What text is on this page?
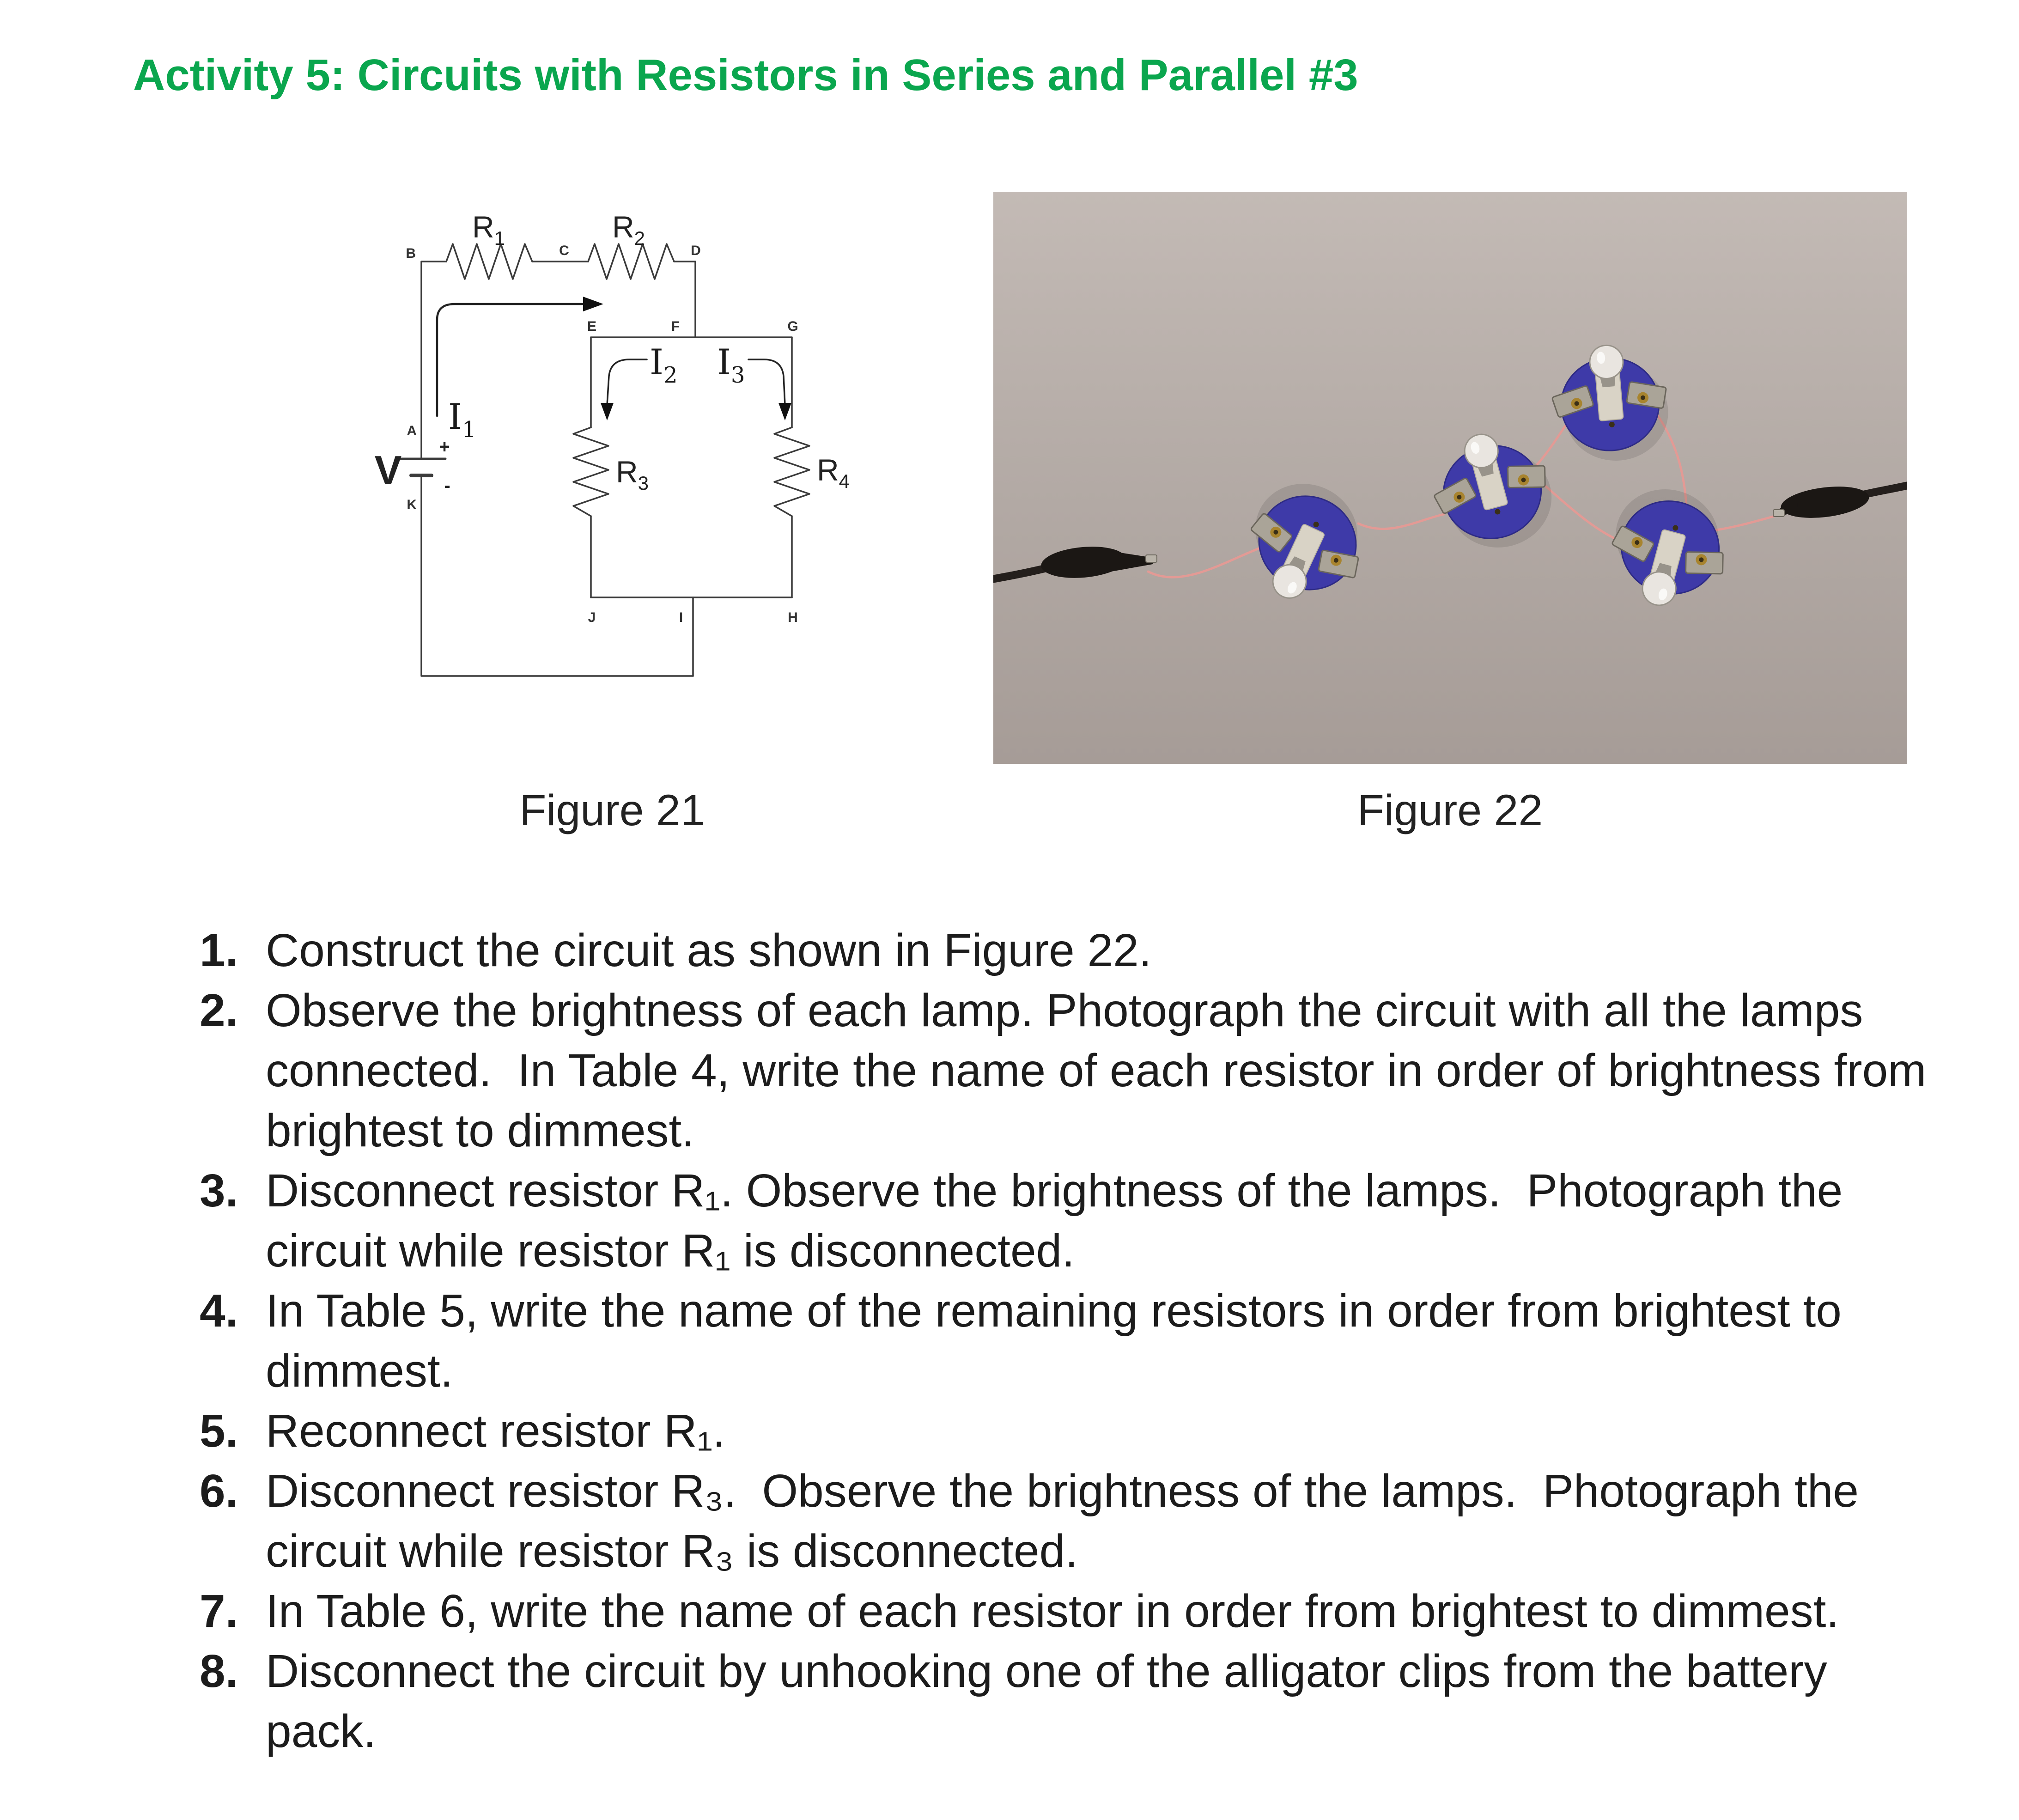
Activity 5: Circuits with Resistors in Series and Parallel #3
B	C	D
E	F	G
J	I	H
A
K
V
+
-
$R_1$	$R_2$
$R_3$	$R_4$
$I_1$
$I_2$ $I_3$
Figure 21	Figure 22
1. Construct the circuit as shown in Figure 22.
2. Observe the brightness of each lamp. Photograph the circuit with all the lamps
connected.  In Table 4, write the name of each resistor in order of brightness from
brightest to dimmest.
3. Disconnect resistor R₁. Observe the brightness of the lamps.  Photograph the
circuit while resistor R₁ is disconnected.
4. In Table 5, write the name of the remaining resistors in order from brightest to
dimmest.
5. Reconnect resistor R₁.
6. Disconnect resistor R₃.  Observe the brightness of the lamps.  Photograph the
circuit while resistor R₃ is disconnected.
7. In Table 6, write the name of each resistor in order from brightest to dimmest.
8. Disconnect the circuit by unhooking one of the alligator clips from the battery
pack.
